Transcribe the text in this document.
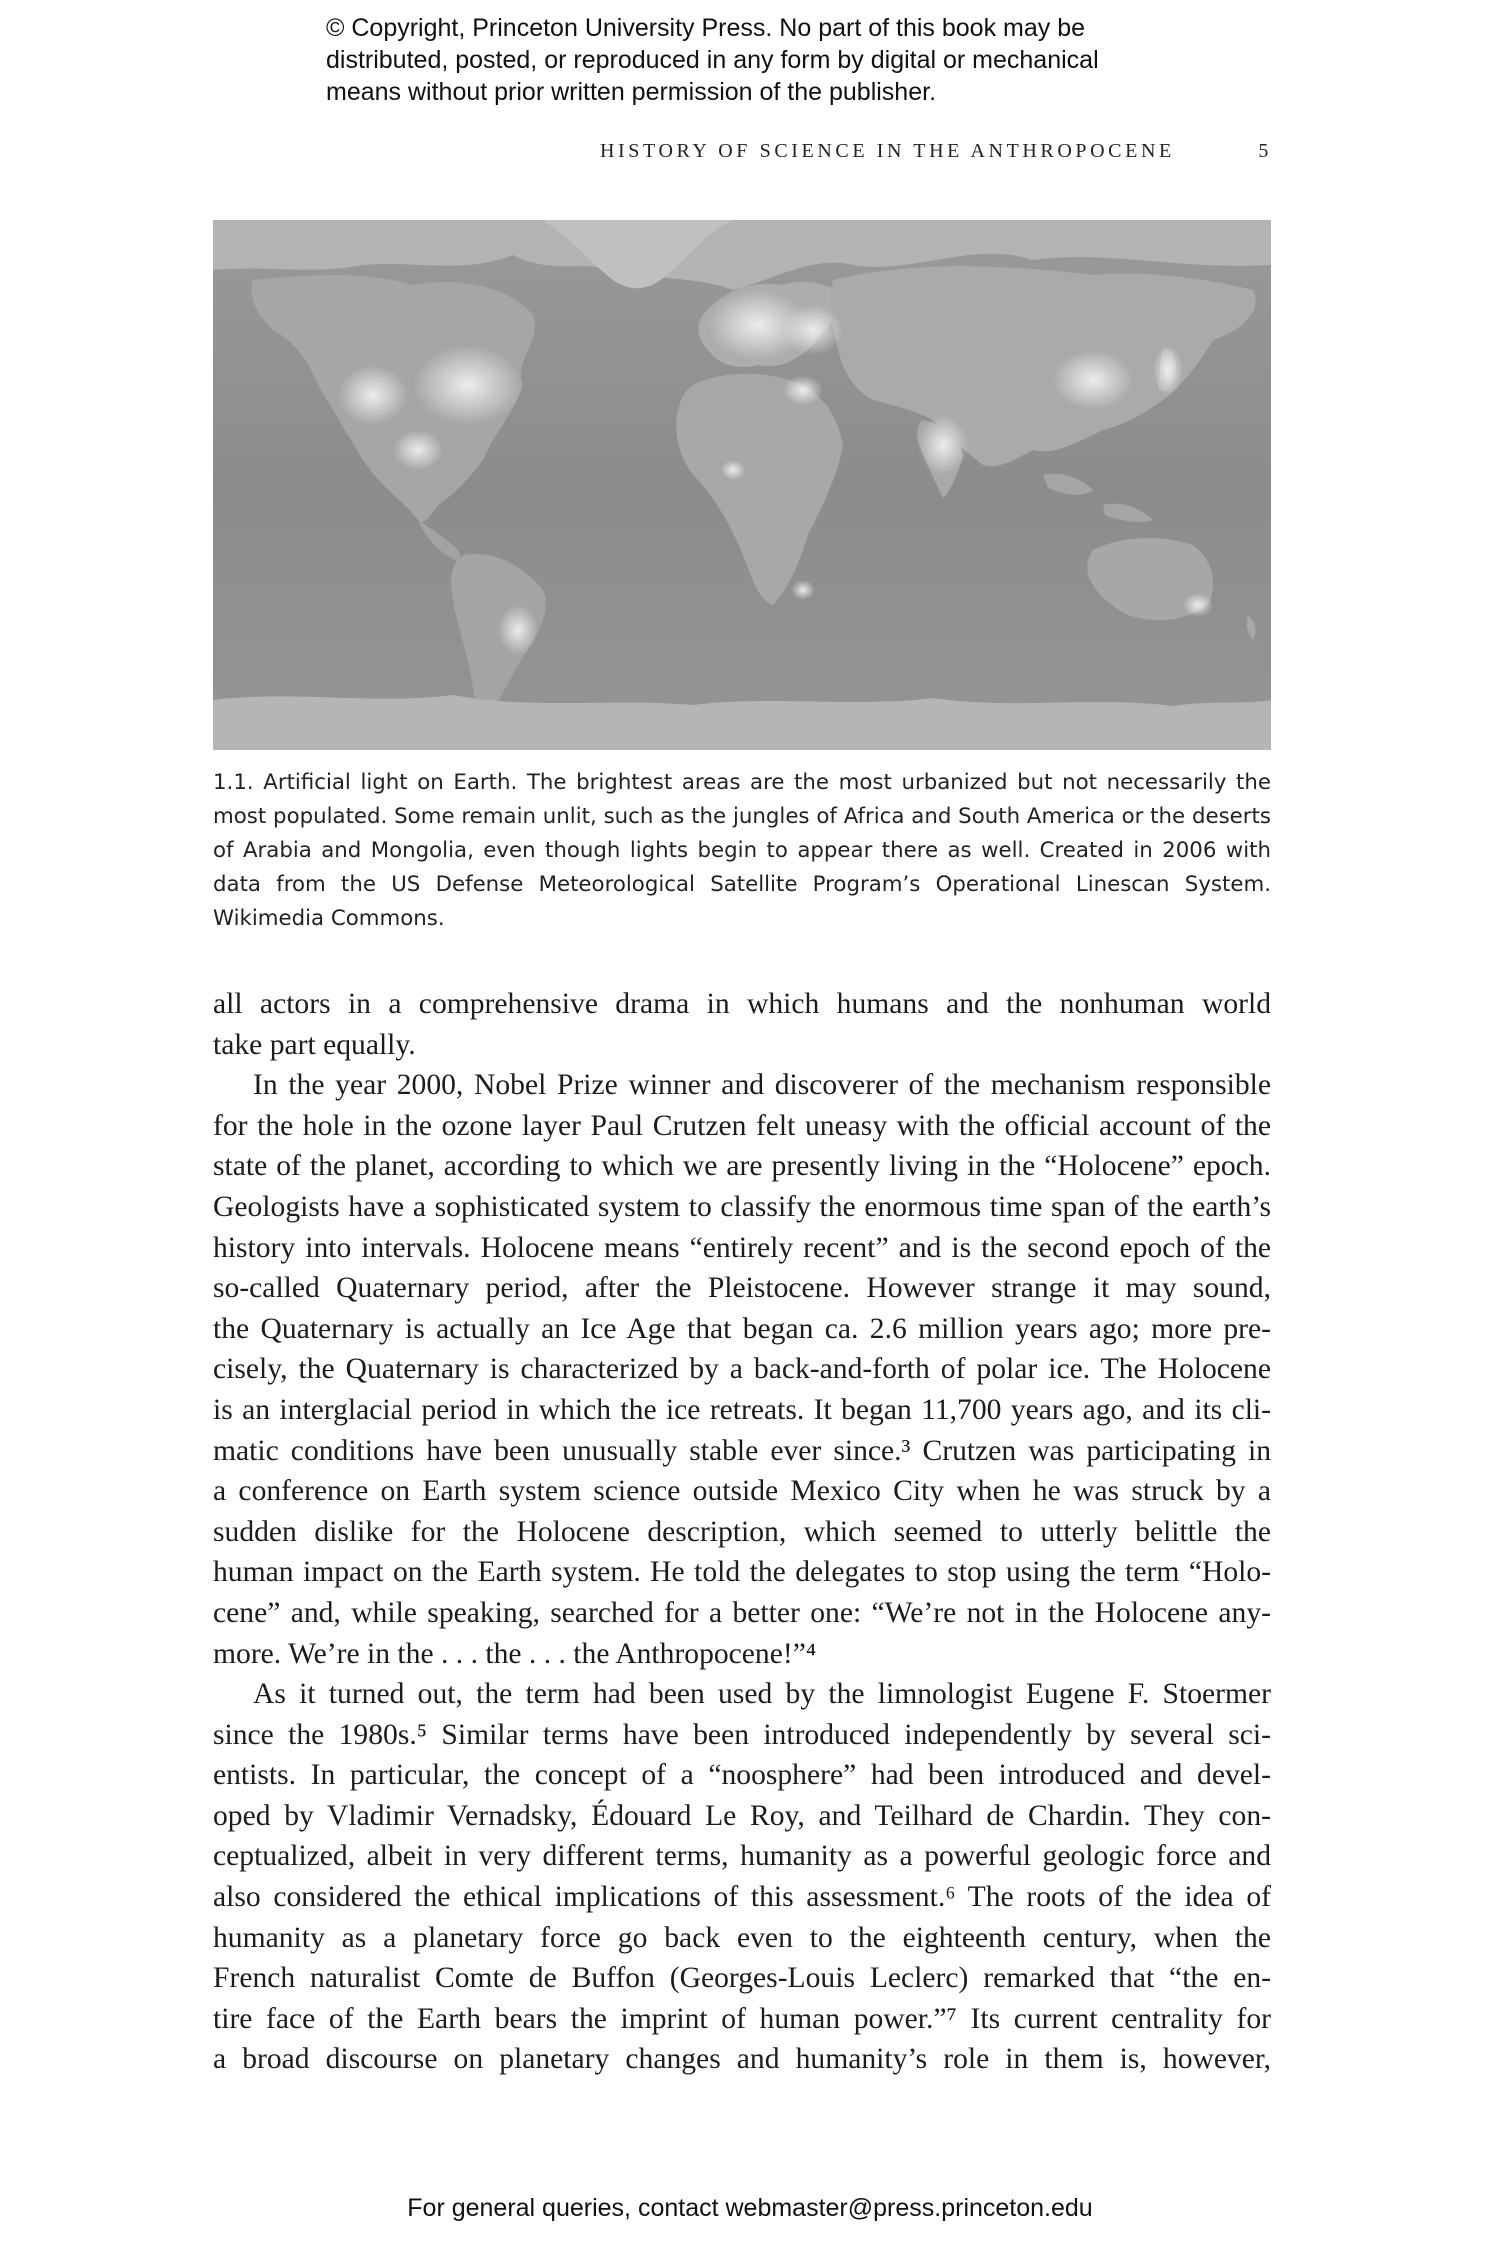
© Copyright, Princeton University Press. No part of this book may be
distributed, posted, or reproduced in any form by digital or mechanical
means without prior written permission of the publisher.
HISTORY OF SCIENCE IN THE ANTHROPOCENE	5
1.1. Artificial light on Earth. The brightest areas are the most urbanized but not necessarily the most populated. Some remain unlit, such as the jungles of Africa and South America or the deserts of Arabia and Mongolia, even though lights begin to appear there as well. Created in 2006 with data from the US Defense Meteorological Satellite Program’s Operational Linescan System. Wikimedia Commons.
all actors in a comprehensive drama in which humans and the nonhuman world
take part equally.
In the year 2000, Nobel Prize winner and discoverer of the mechanism responsible
for the hole in the ozone layer Paul Crutzen felt uneasy with the official account of the
state of the planet, according to which we are presently living in the “Holocene” epoch.
Geologists have a sophisticated system to classify the enormous time span of the earth’s
history into intervals. Holocene means “entirely recent” and is the second epoch of the
so-called Quaternary period, after the Pleistocene. However strange it may sound,
the Quaternary is actually an Ice Age that began ca. 2.6 million years ago; more pre-
cisely, the Quaternary is characterized by a back-and-forth of polar ice. The Holocene
is an interglacial period in which the ice retreats. It began 11,700 years ago, and its cli-
matic conditions have been unusually stable ever since.³ Crutzen was participating in
a conference on Earth system science outside Mexico City when he was struck by a
sudden dislike for the Holocene description, which seemed to utterly belittle the
human impact on the Earth system. He told the delegates to stop using the term “Holo-
cene” and, while speaking, searched for a better one: “We’re not in the Holocene any-
more. We’re in the . . . the . . . the Anthropocene!”⁴
As it turned out, the term had been used by the limnologist Eugene F. Stoermer
since the 1980s.⁵ Similar terms have been introduced independently by several sci-
entists. In particular, the concept of a “noosphere” had been introduced and devel-
oped by Vladimir Vernadsky, Édouard Le Roy, and Teilhard de Chardin. They con-
ceptualized, albeit in very different terms, humanity as a powerful geologic force and
also considered the ethical implications of this assessment.⁶ The roots of the idea of
humanity as a planetary force go back even to the eighteenth century, when the
French naturalist Comte de Buffon (Georges-Louis Leclerc) remarked that “the en-
tire face of the Earth bears the imprint of human power.”⁷ Its current centrality for
a broad discourse on planetary changes and humanity’s role in them is, however,
For general queries, contact webmaster@press.princeton.edu
